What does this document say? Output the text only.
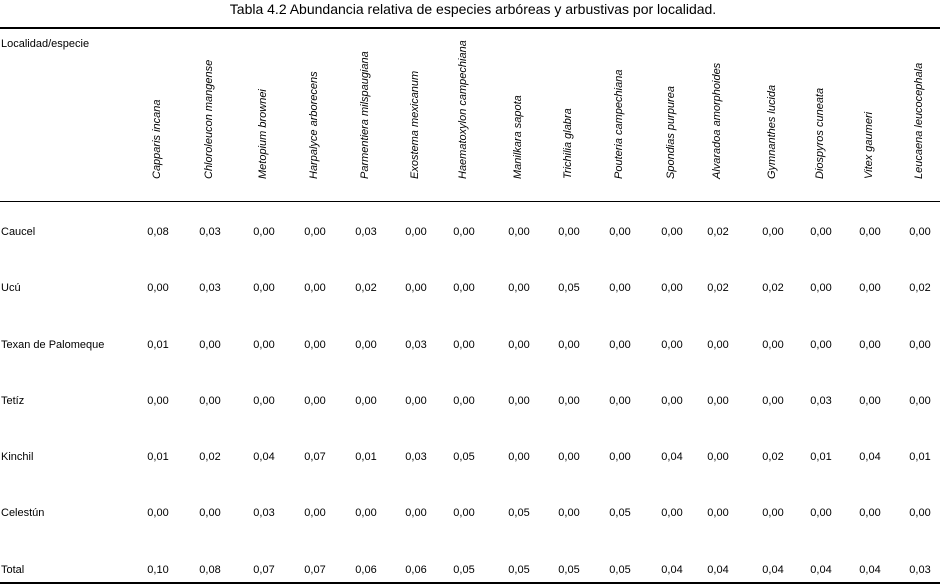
Tabla 4.2 Abundancia relativa de especies arbóreas y arbustivas por localidad.
Localidad/especie
Capparis incana	Chloroleucon mangense	Metopium brownei	Harpalyce arborecens	Parmentiera milspaugiana	Exostema mexicanum	Haematoxylon campechiana	Manilkara sapota	Trichilia glabra	Pouteria campechiana	Spondias purpurea	Alvaradoa amorphoides	Gymnanthes lucida	Diospyros cuneata	Vitex gaumeri	Leucaena leucocephala
Caucel	0,08	0,03	0,00	0,00	0,03	0,00 0,00	0,00	0,00	0,00	0,00 0,02	0,00 0,00	0,00	0,00
Ucú	0,00	0,03	0,00	0,00	0,02	0,00 0,00	0,00	0,05	0,00	0,00 0,02	0,02 0,00	0,00	0,02
Texan de Palomeque	0,01	0,00	0,00	0,00	0,00	0,03 0,00	0,00	0,00	0,00	0,00 0,00	0,00 0,00	0,00	0,00
Tetíz	0,00	0,00	0,00	0,00	0,00	0,00 0,00	0,00	0,00	0,00	0,00 0,00	0,00 0,03	0,00	0,00
Kinchil	0,01	0,02	0,04	0,07	0,01	0,03 0,05	0,00	0,00	0,00	0,04 0,00	0,02 0,01	0,04	0,01
Celestún	0,00	0,00	0,03	0,00	0,00	0,00 0,00	0,05	0,00	0,05	0,00 0,00	0,00 0,00	0,00	0,00
Total	0,10	0,08	0,07	0,07	0,06	0,06 0,05	0,05	0,05	0,05	0,04 0,04	0,04 0,04	0,04	0,03
